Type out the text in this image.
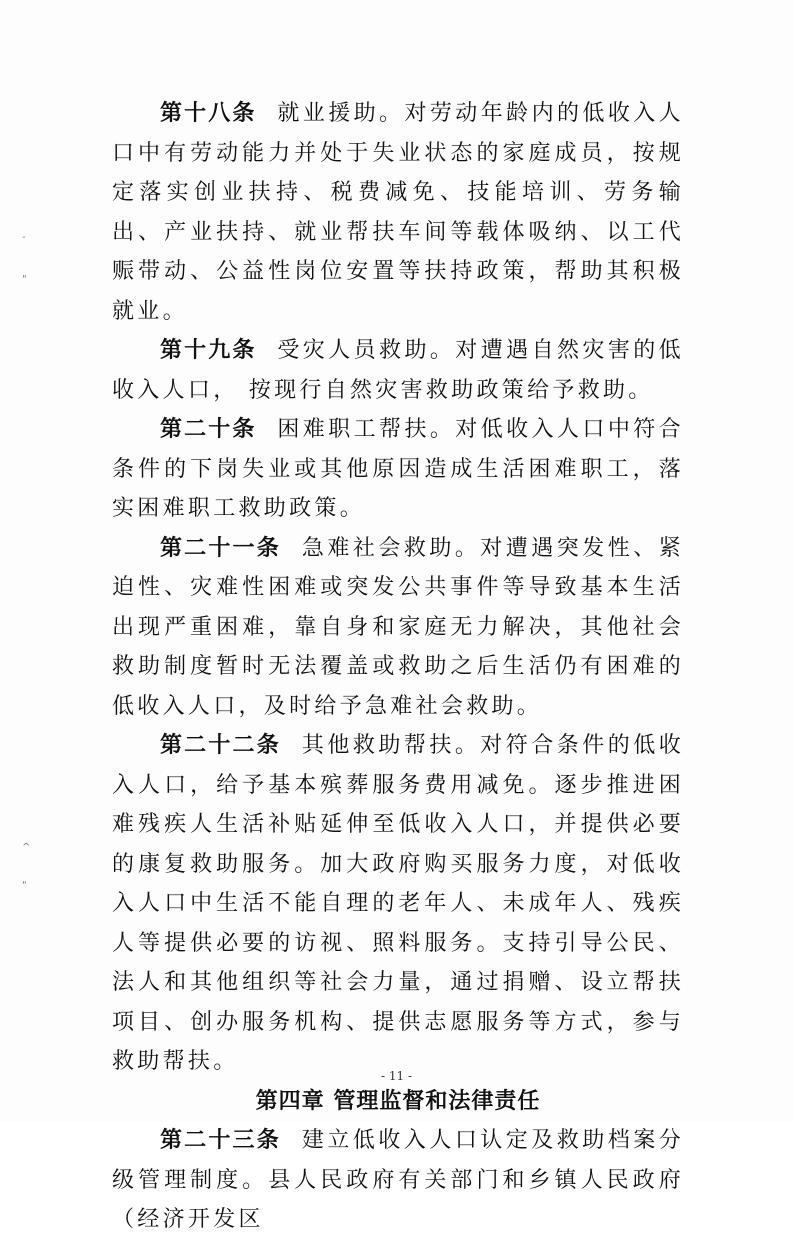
-
"
^
"

第十八条 就业援助。对劳动年龄内的低收入人口中有劳动能力并处于失业状态的家庭成员，按规定落实创业扶持、税费减免、技能培训、劳务输出、产业扶持、就业帮扶车间等载体吸纳、以工代赈带动、公益性岗位安置等扶持政策，帮助其积极就业。

第十九条 受灾人员救助。对遭遇自然灾害的低收入人口， 按现行自然灾害救助政策给予救助。

第二十条 困难职工帮扶。对低收入人口中符合条件的下岗失业或其他原因造成生活困难职工，落实困难职工救助政策。

第二十一条 急难社会救助。对遭遇突发性、紧迫性、灾难性困难或突发公共事件等导致基本生活出现严重困难，靠自身和家庭无力解决，其他社会救助制度暂时无法覆盖或救助之后生活仍有困难的低收入人口，及时给予急难社会救助。

第二十二条 其他救助帮扶。对符合条件的低收入人口，给予基本殡葬服务费用减免。逐步推进困难残疾人生活补贴延伸至低收入人口，并提供必要的康复救助服务。加大政府购买服务力度，对低收入人口中生活不能自理的老年人、未成年人、残疾人等提供必要的访视、照料服务。支持引导公民、法人和其他组织等社会力量，通过捐赠、设立帮扶项目、创办服务机构、提供志愿服务等方式，参与救助帮扶。

第四章 管理监督和法律责任

第二十三条 建立低收入人口认定及救助档案分级管理制度。县人民政府有关部门和乡镇人民政府（经济开发区

- 11 -
